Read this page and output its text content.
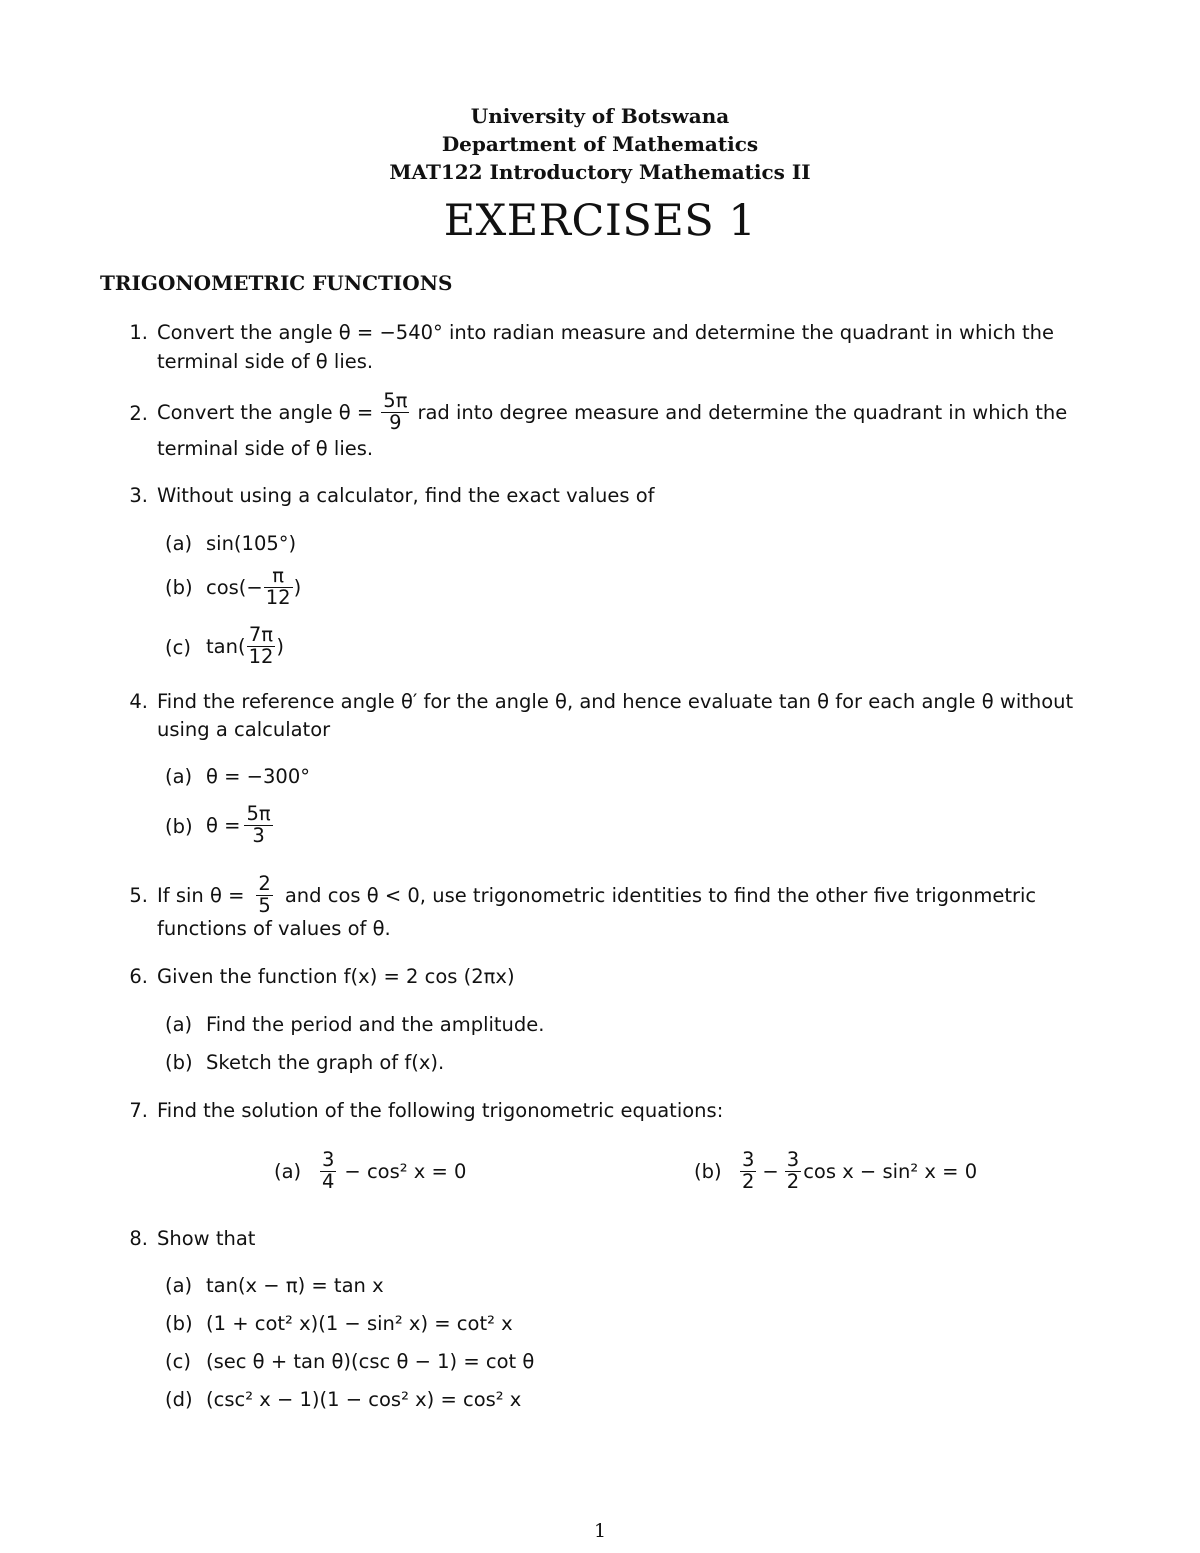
University of Botswana
Department of Mathematics
MAT122 Introductory Mathematics II
EXERCISES 1
TRIGONOMETRIC FUNCTIONS
1. Convert the angle θ = −540° into radian measure and determine the quadrant in which the
terminal side of θ lies.
2. Convert the angle $\theta = \frac{5\pi}{9}$ rad into degree measure and determine the quadrant in which the
terminal side of θ lies.
3. Without using a calculator, find the exact values of
(a) sin(105°)
(b) $\cos(- \frac{\pi}{12}$ )
(c) $\tan( \frac{7\pi}{12}$ )
4. Find the reference angle θ′ for the angle θ, and hence evaluate tan θ for each angle θ without
using a calculator
(a) θ = −300°
(b) $\theta = \frac{5\pi}{3}$
5. If $\sin \theta = \frac{2}{5}$ and cos θ < 0, use trigonometric identities to find the other five trigonmetric
functions of values of θ.
6. Given the function f(x) = 2 cos (2πx)
(a) Find the period and the amplitude.
(b) Sketch the graph of f(x).
7. Find the solution of the following trigonometric equations:
$(a) \frac{3}{4} - \cos^2$ x = 0	$(b) \frac{3}{2} - \frac{3}{2}$ cos x − sin² x = 0
8. Show that
(a) tan(x − π) = tan x
(b) (1 + cot² x)(1 − sin² x) = cot² x
(c) (sec θ + tan θ)(csc θ − 1) = cot θ
(d) (csc² x − 1)(1 − cos² x) = cos² x
1
